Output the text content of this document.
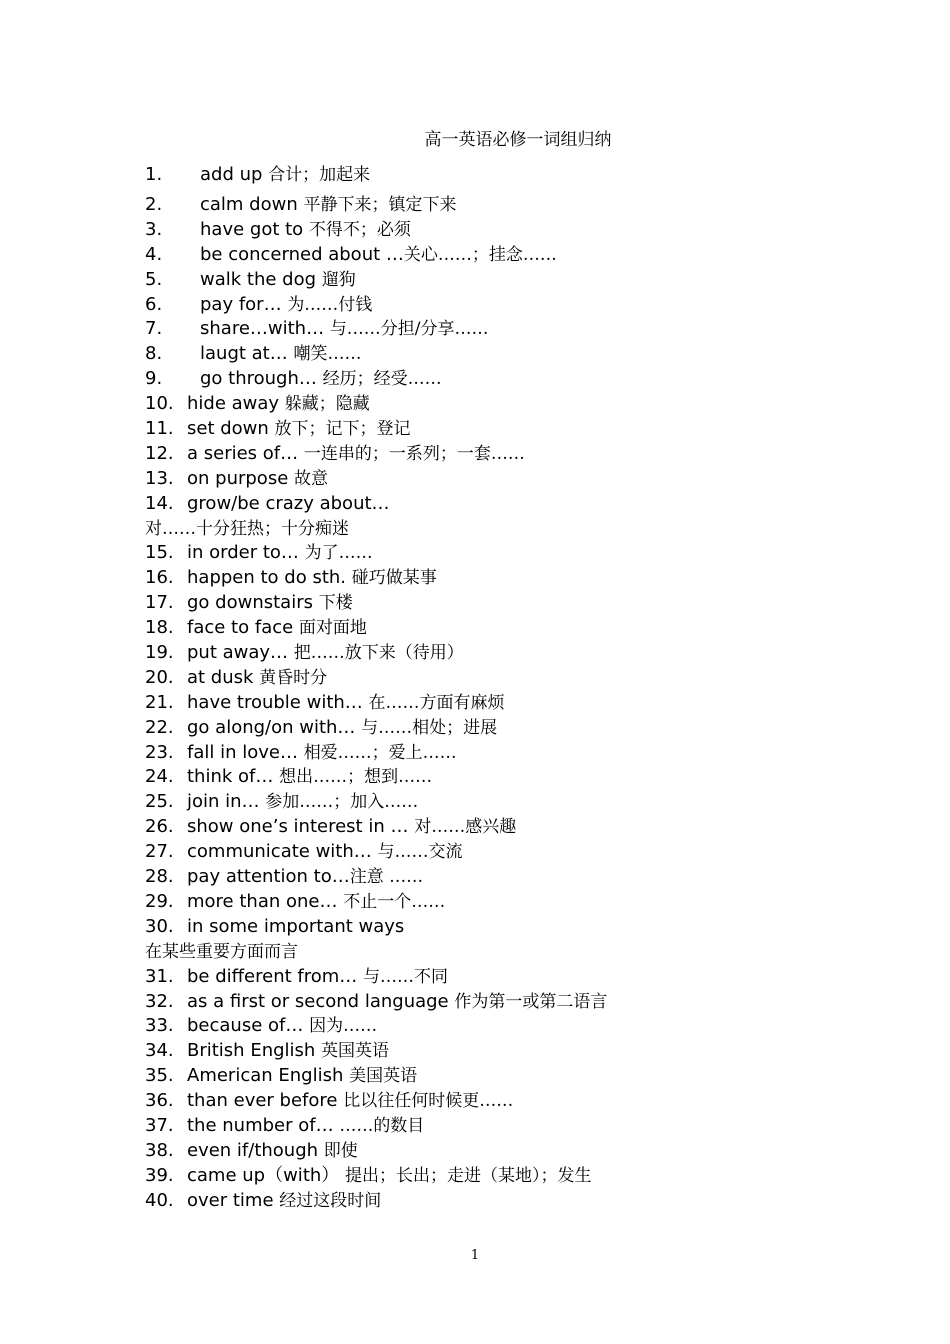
高一英语必修一词组归纳
1. add up 合计；加起来
2. calm down 平静下来；镇定下来
3. have got to 不得不；必须
4. be concerned about …关心……；挂念……
5. walk the dog 遛狗
6. pay for… 为……付钱
7. share…with… 与……分担/分享……
8. laugt at… 嘲笑……
9. go through… 经历；经受……
10. hide away 躲藏；隐藏
11. set down 放下；记下；登记
12. a series of… 一连串的；一系列；一套……
13. on purpose 故意
14. grow/be crazy about…
对……十分狂热；十分痴迷
15. in order to… 为了……
16. happen to do sth. 碰巧做某事
17. go downstairs 下楼
18. face to face 面对面地
19. put away… 把……放下来（待用）
20. at dusk 黄昏时分
21. have trouble with… 在……方面有麻烦
22. go along/on with… 与……相处；进展
23. fall in love… 相爱……；爱上……
24. think of… 想出……；想到……
25. join in… 参加……；加入……
26. show one’s interest in … 对……感兴趣
27. communicate with… 与……交流
28. pay attention to…注意 ……
29. more than one… 不止一个……
30. in some important ways
在某些重要方面而言
31. be different from… 与……不同
32. as a first or second language 作为第一或第二语言
33. because of… 因为……
34. British English 英国英语
35. American English 美国英语
36. than ever before 比以往任何时候更……
37. the number of… ……的数目
38. even if/though 即使
39. came up（with） 提出；长出；走进（某地）；发生
40. over time 经过这段时间
1
